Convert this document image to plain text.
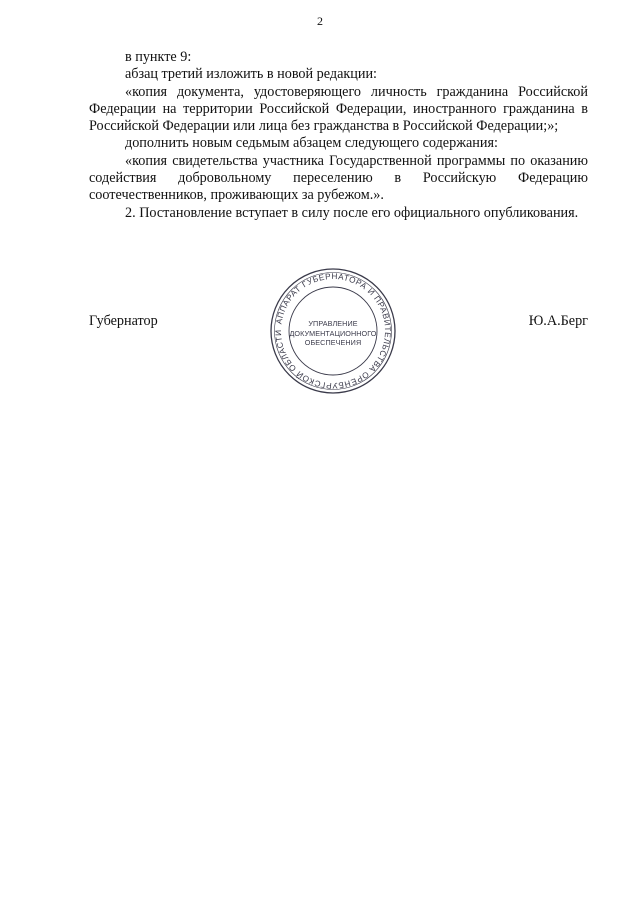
2

в пункте 9:

абзац третий изложить в новой редакции:

«копия документа, удостоверяющего личность гражданина Российской Федерации на территории Российской Федерации, иностранного гражданина в Российской Федерации или лица без гражданства в Российской Федерации;»;

дополнить новым седьмым абзацем следующего содержания:

«копия свидетельства участника Государственной программы по оказанию содействия добровольному переселению в Российскую Федерацию соотечественников, проживающих за рубежом.».

2. Постановление вступает в силу после его официального опубликования.

Губернатор	Ю.А.Берг
АППАРАТ ГУБЕРНАТОРА И ПРАВИТЕЛЬСТВА ОРЕНБУРГСКОЙ ОБЛАСТИ
УПРАВЛЕНИЕ
ДОКУМЕНТАЦИОННОГО
ОБЕСПЕЧЕНИЯ
